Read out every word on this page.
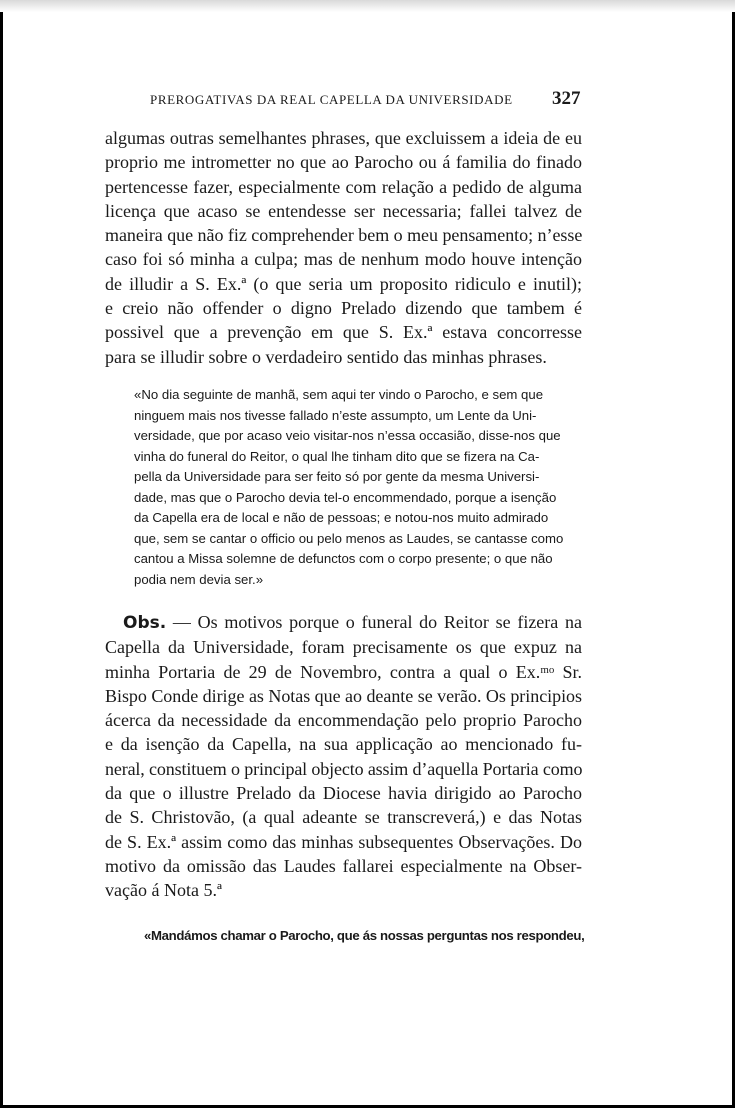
PREROGATIVAS DA REAL CAPELLA DA UNIVERSIDADE	327
algumas outras semelhantes phrases, que excluissem a ideia de eu
proprio me intrometter no que ao Parocho ou á familia do finado
pertencesse fazer, especialmente com relação a pedido de alguma
licença que acaso se entendesse ser necessaria; fallei talvez de
maneira que não fiz comprehender bem o meu pensamento; n’esse
caso foi só minha a culpa; mas de nenhum modo houve intenção
de illudir a S. Ex.ª (o que seria um proposito ridiculo e inutil);
e creio não offender o digno Prelado dizendo que tambem é
possivel que a prevenção em que S. Ex.ª estava concorresse
para se illudir sobre o verdadeiro sentido das minhas phrases.
«No dia seguinte de manhã, sem aqui ter vindo o Parocho, e sem que
ninguem mais nos tivesse fallado n’este assumpto, um Lente da Uni-
versidade, que por acaso veio visitar-nos n’essa occasião, disse-nos que
vinha do funeral do Reitor, o qual lhe tinham dito que se fizera na Ca-
pella da Universidade para ser feito só por gente da mesma Universi-
dade, mas que o Parocho devia tel-o encommendado, porque a isenção
da Capella era de local e não de pessoas; e notou-nos muito admirado
que, sem se cantar o officio ou pelo menos as Laudes, se cantasse como
cantou a Missa solemne de defunctos com o corpo presente; o que não
podia nem devia ser.»
Obs. — Os motivos porque o funeral do Reitor se fizera na
Capella da Universidade, foram precisamente os que expuz na
minha Portaria de 29 de Novembro, contra a qual o Ex.ᵐᵒ Sr.
Bispo Conde dirige as Notas que ao deante se verão. Os principios
ácerca da necessidade da encommendação pelo proprio Parocho
e da isenção da Capella, na sua applicação ao mencionado fu-
neral, constituem o principal objecto assim d’aquella Portaria como
da que o illustre Prelado da Diocese havia dirigido ao Parocho
de S. Christovão, (a qual adeante se transcreverá,) e das Notas
de S. Ex.ª assim como das minhas subsequentes Observações. Do
motivo da omissão das Laudes fallarei especialmente na Obser-
vação á Nota 5.ª
«Mandámos chamar o Parocho, que ás nossas perguntas nos respondeu,
